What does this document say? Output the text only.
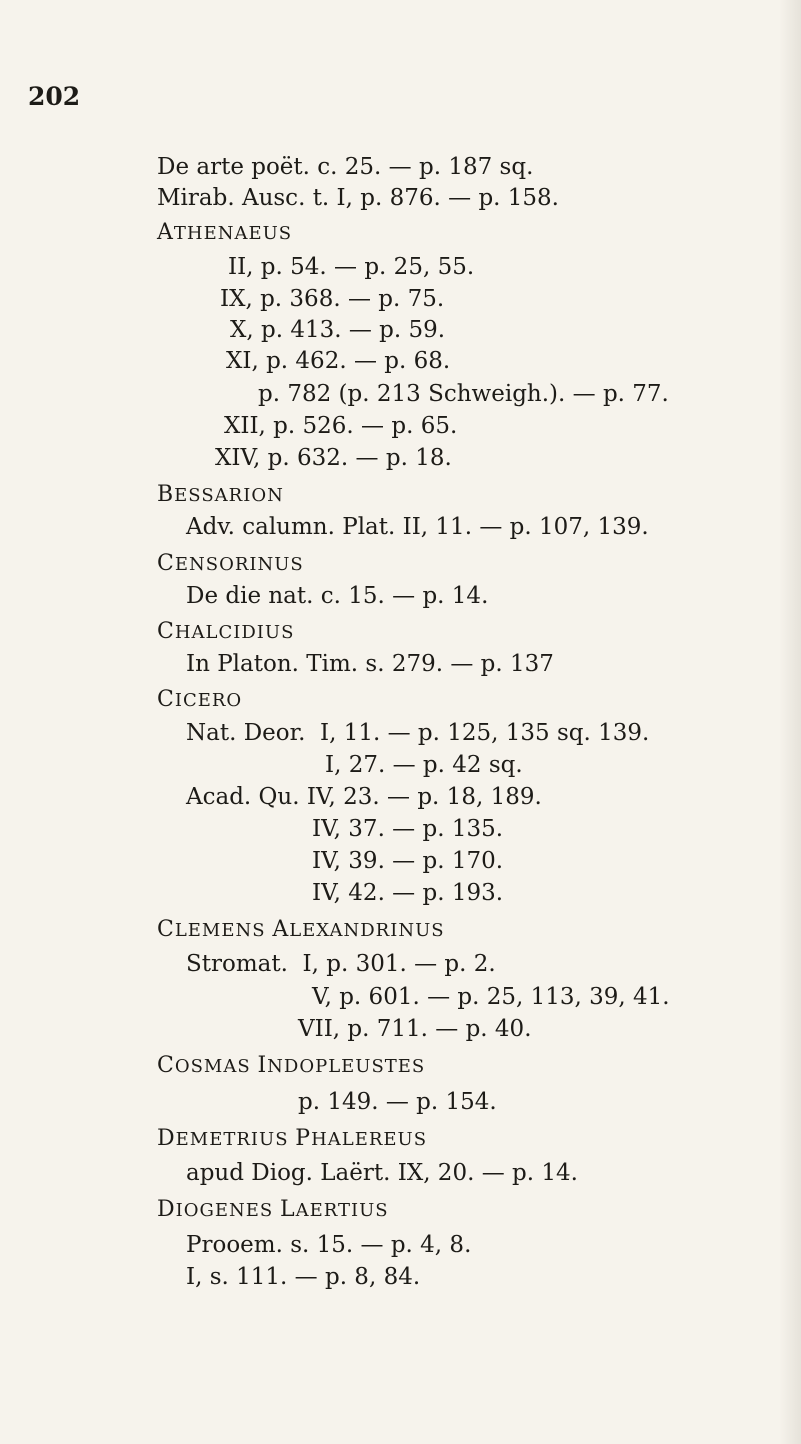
202
De arte poët. c. 25. — p. 187 sq.
Mirab. Ausc. t. I, p. 876. — p. 158.
ATHENAEUS
II, p. 54. — p. 25, 55.
IX, p. 368. — p. 75.
X, p. 413. — p. 59.
XI, p. 462. — p. 68.
p. 782 (p. 213 Schweigh.). — p. 77.
XII, p. 526. — p. 65.
XIV, p. 632. — p. 18.
BESSARION
Adv. calumn. Plat. II, 11. — p. 107, 139.
CENSORINUS
De die nat. c. 15. — p. 14.
CHALCIDIUS
In Platon. Tim. s. 279. — p. 137
CICERO
Nat. Deor.  I, 11. — p. 125, 135 sq. 139.
I, 27. — p. 42 sq.
Acad. Qu. IV, 23. — p. 18, 189.
IV, 37. — p. 135.
IV, 39. — p. 170.
IV, 42. — p. 193.
CLEMENS ALEXANDRINUS
Stromat.  I, p. 301. — p. 2.
V, p. 601. — p. 25, 113, 39, 41.
VII, p. 711. — p. 40.
COSMAS INDOPLEUSTES
p. 149. — p. 154.
DEMETRIUS PHALEREUS
apud Diog. Laërt. IX, 20. — p. 14.
DIOGENES LAERTIUS
Prooem. s. 15. — p. 4, 8.
I, s. 111. — p. 8, 84.
